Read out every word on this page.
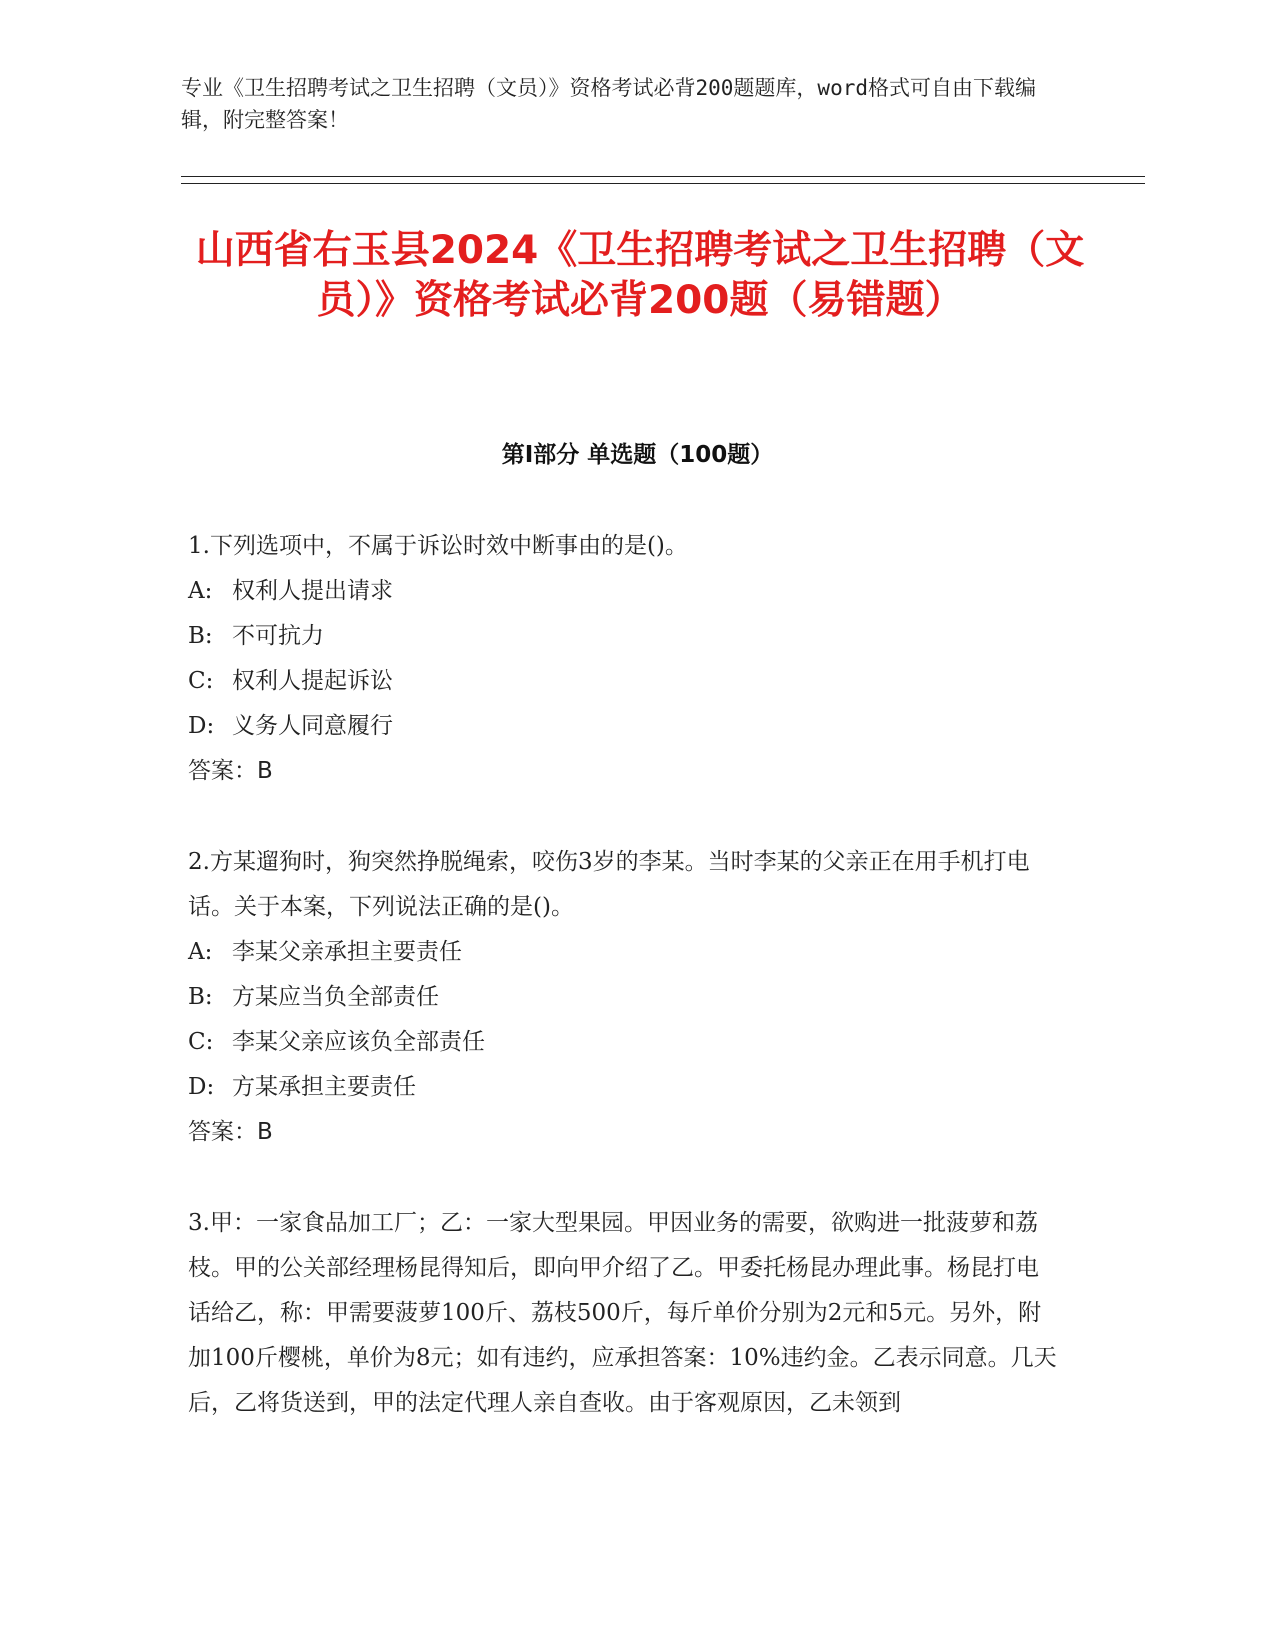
专业《卫生招聘考试之卫生招聘（文员）》资格考试必背200题题库，word格式可自由下载编辑，附完整答案！
山西省右玉县2024《卫生招聘考试之卫生招聘（文员）》资格考试必背200题（易错题）
第Ⅰ部分 单选题（100题）
1.下列选项中，不属于诉讼时效中断事由的是()。
A: 权利人提出请求
B: 不可抗力
C: 权利人提起诉讼
D: 义务人同意履行
答案：B
2.方某遛狗时，狗突然挣脱绳索，咬伤3岁的李某。当时李某的父亲正在用手机打电话。关于本案，下列说法正确的是()。
A: 李某父亲承担主要责任
B: 方某应当负全部责任
C: 李某父亲应该负全部责任
D: 方某承担主要责任
答案：B
3.甲：一家食品加工厂；乙：一家大型果园。甲因业务的需要，欲购进一批菠萝和荔枝。甲的公关部经理杨昆得知后，即向甲介绍了乙。甲委托杨昆办理此事。杨昆打电话给乙，称：甲需要菠萝100斤、荔枝500斤，每斤单价分别为2元和5元。另外，附加100斤樱桃，单价为8元；如有违约，应承担答案：10%违约金。乙表示同意。几天后，乙将货送到，甲的法定代理人亲自查收。由于客观原因，乙未领到
